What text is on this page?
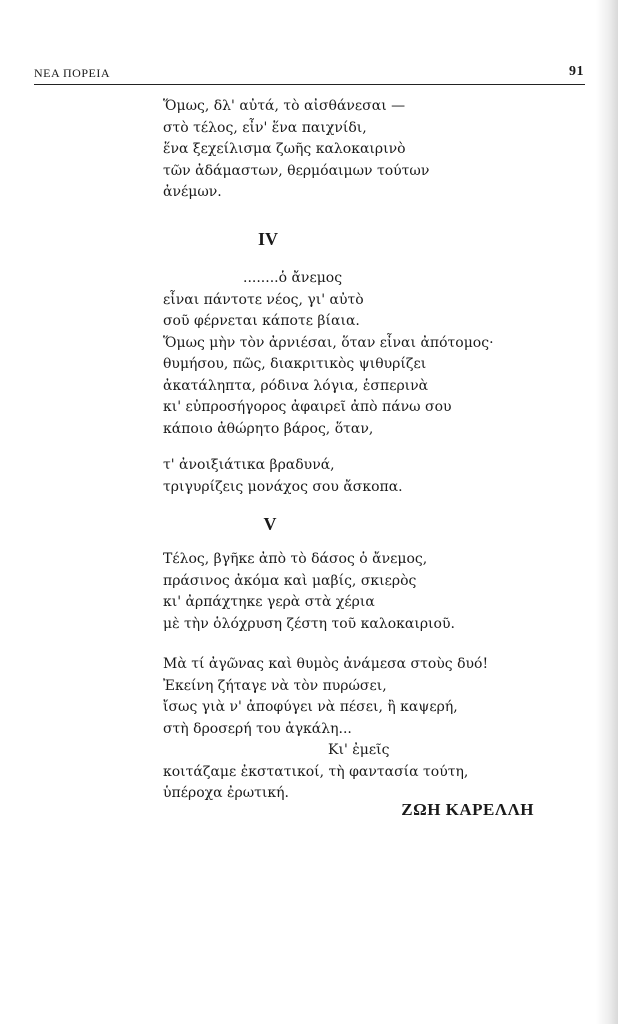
ΝΕΑ ΠΟΡΕΙΑ	91
Ὅμως, δλ' αὐτά, τὸ αἰσθάνεσαι —
στὸ τέλος, εἶν' ἕνα παιχνίδι,
ἕνα ξεχείλισμα ζωῆς καλοκαιρινὸ
τῶν ἀδάμαστων, θερμόαιμων τούτων
ἀνέμων.
IV
........ὁ ἄνεμος
εἶναι πάντοτε νέος, γι' αὐτὸ
σοῦ φέρνεται κάποτε βίαια.
Ὅμως μὴν τὸν ἀρνιέσαι, ὅταν εἶναι ἀπότομος·
θυμήσου, πῶς, διακριτικὸς ψιθυρίζει
ἀκατάληπτα, ρόδινα λόγια, ἑσπερινὰ
κι' εὐπροσήγορος ἀφαιρεῖ ἀπὸ πάνω σου
κάποιο ἀθώρητο βάρος, ὅταν,
τ' ἀνοιξιάτικα βραδυνά,
τριγυρίζεις μονάχος σου ἄσκοπα.
V
Τέλος, βγῆκε ἀπὸ τὸ δάσος ὁ ἄνεμος,
πράσινος ἀκόμα καὶ μαβίς, σκιερὸς
κι' ἀρπάχτηκε γερὰ στὰ χέρια
μὲ τὴν ὁλόχρυση ζέστη τοῦ καλοκαιριοῦ.
Μὰ τί ἀγῶνας καὶ θυμὸς ἀνάμεσα στοὺς δυό!
Ἐκείνη ζήταγε νὰ τὸν πυρώσει,
ἴσως γιὰ ν' ἀποφύγει νὰ πέσει, ἢ καψερή,
στὴ δροσερή του ἀγκάλη...
Κι' ἐμεῖς
κοιτάζαμε ἐκστατικοί, τὴ φαντασία τούτη,
ὑπέροχα ἐρωτική.
ΖΩΗ ΚΑΡΕΛΛΗ
